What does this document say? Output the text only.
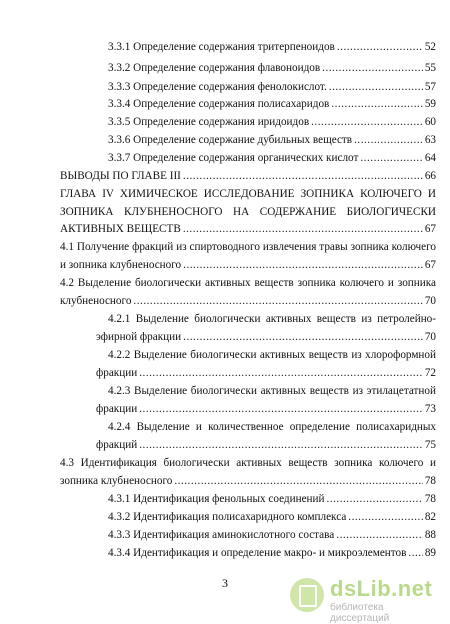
3.3.1 Определение содержания тритерпеноидов .....	52
3.3.2 Определение содержания флавоноидов .....	55
3.3.3 Определение содержания фенолокислот. .....	57
3.3.4 Определение содержания полисахаридов .....	59
3.3.5 Определение содержания иридоидов .....	60
3.3.6 Определение содержание дубильных веществ .....	63
3.3.7 Определение содержания органических кислот .....	64
ВЫВОДЫ ПО ГЛАВЕ III .....	66
ГЛАВА IV ХИМИЧЕСКОЕ ИССЛЕДОВАНИЕ ЗОПНИКА КОЛЮЧЕГО И
ЗОПНИКА КЛУБНЕНОСНОГО НА СОДЕРЖАНИЕ БИОЛОГИЧЕСКИ
АКТИВНЫХ ВЕЩЕСТВ .....	67
4.1 Получение фракций из спиртоводного извлечения травы зопника колючего
и зопника клубненосного .....	67
4.2 Выделение биологически активных веществ зопника колючего и зопника
клубненосного .....	70
4.2.1 Выделение биологически активных веществ из петролейно-
эфирной фракции .....	70
4.2.2 Выделение биологически активных веществ из хлороформной
фракции .....	72
4.2.3 Выделение биологически активных веществ из этилацетатной
фракции .....	73
4.2.4 Выделение и количественное определение полисахаридных
фракций .....	75
4.3 Идентификация биологически активных веществ зопника колючего и
зопника клубненосного .....	78
4.3.1 Идентификация фенольных соединений .....	78
4.3.2 Идентификация полисахаридного комплекса .....	82
4.3.3 Идентификация аминокислотного состава .....	88
4.3.4 Идентификация и определение макро- и микроэлементов ..... 89
3	dsLib.net
библиотека диссертаций
